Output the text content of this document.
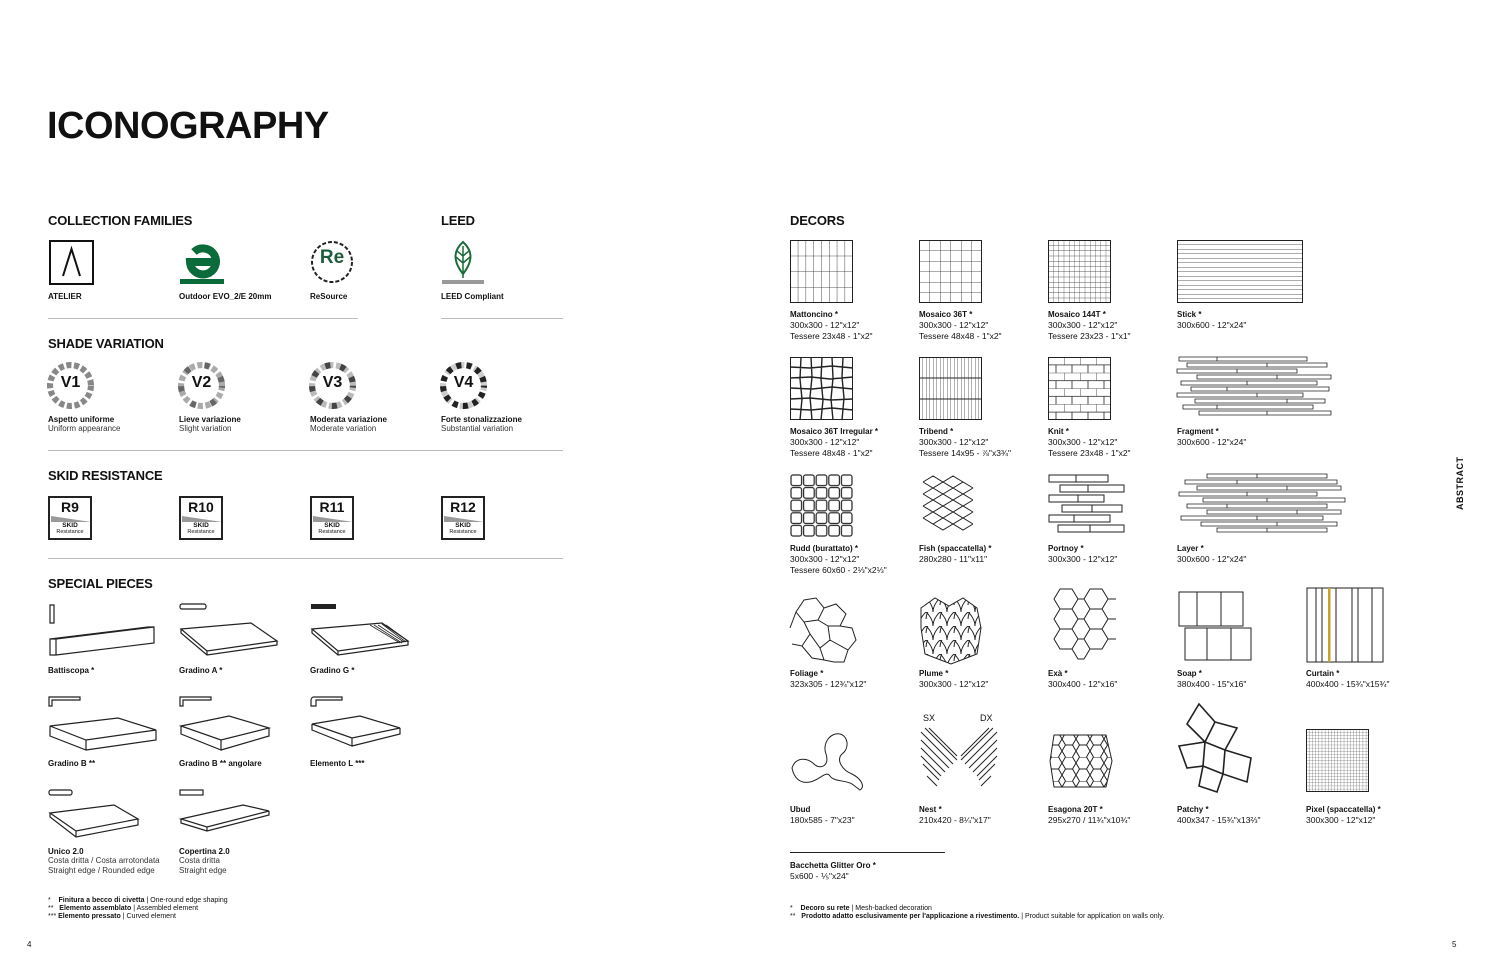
ICONOGRAPHY
COLLECTION FAMILIES	LEED
ATELIER	Outdoor EVO_2/E 20mm
Re
ReSource	LEED Compliant
SHADE VARIATION
V1	V2	V3	V4
Aspetto uniforme
Uniform appearance
Lieve variazione
Slight variation
Moderata variazione
Moderate variation
Forte stonalizzazione
Substantial variation
SKID RESISTANCE
R9
SKID
Resistance
R10
SKID
Resistance
R11
SKID
Resistance
R12
SKID
Resistance
SPECIAL PIECES
Battiscopa *	Gradino A *	Gradino G *
Gradino B **	Gradino B ** angolare	Elemento L ***
Unico 2.0
Costa dritta / Costa arrotondata
Straight edge / Rounded edge
Copertina 2.0
Costa dritta
Straight edge
* Finitura a becco di civetta | One-round edge shaping
** Elemento assemblato | Assembled element
*** Elemento pressato | Curved element
4
DECORS
Mattoncino *
300x300 - 12"x12"
Tessere 23x48 - 1"x2"
Mosaico 36T *
300x300 - 12"x12"
Tessere 48x48 - 1"x2"
Mosaico 144T *
300x300 - 12"x12"
Tessere 23x23 - 1"x1"
Stick *
300x600 - 12"x24"
Mosaico 36T Irregular *
300x300 - 12"x12"
Tessere 48x48 - 1"x2"
Tribend *
300x300 - 12"x12"
Tessere 14x95 - ⅞"x3¾"
Knit *
300x300 - 12"x12"
Tessere 23x48 - 1"x2"
Fragment *
300x600 - 12"x24"
Rudd (burattato) *
300x300 - 12"x12"
Tessere 60x60 - 2⅓"x2⅓"
Fish (spaccatella) *
280x280 - 11"x11"
Portnoy *
300x300 - 12"x12"
Layer *
300x600 - 12"x24"
Foliage *
323x305 - 12¾"x12"
Plume *
300x300 - 12"x12"
Exà *
300x400 - 12"x16"
Soap *
380x400 - 15"x16"
Curtain *
400x400 - 15¾"x15¾"
SX	DX
Ubud
180x585 - 7"x23"
Nest *
210x420 - 8¼"x17"
Esagona 20T *
295x270 / 11¾"x10¾"
Patchy *
400x347 - 15¾"x13⅔"
Pixel (spaccatella) *
300x300 - 12"x12"
Bacchetta Glitter Oro *
5x600 - ⅕"x24"
* Decoro su rete | Mesh-backed decoration
** Prodotto adatto esclusivamente per l'applicazione a rivestimento. | Product suitable for application on walls only.
ABSTRACT
5
